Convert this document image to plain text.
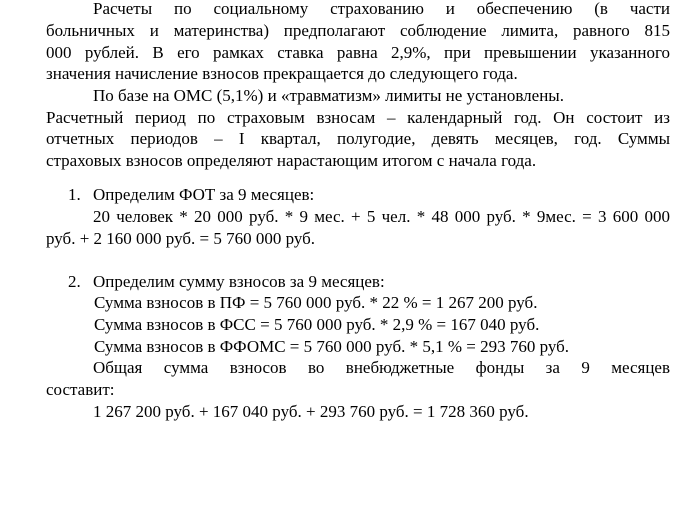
Расчеты по социальному страхованию и обеспечению (в части
больничных и материнства) предполагают соблюдение лимита, равного 815
000 рублей. В его рамках ставка равна 2,9%, при превышении указанного
значения начисление взносов прекращается до следующего года.
По базе на ОМС (5,1%) и «травматизм» лимиты не установлены.
Расчетный период по страховым взносам – календарный год. Он состоит из
отчетных периодов – I квартал, полугодие, девять месяцев, год. Суммы
страховых взносов определяют нарастающим итогом с начала года.
1. Определим ФОТ за 9 месяцев:
20 человек * 20 000 руб. * 9 мес. + 5 чел. * 48 000 руб. * 9мес. = 3 600 000
руб. + 2 160 000 руб. = 5 760 000 руб.
2. Определим сумму взносов за 9 месяцев:
Сумма взносов в ПФ = 5 760 000 руб. * 22 % = 1 267 200 руб.
Сумма взносов в ФСС = 5 760 000 руб. * 2,9 % = 167 040 руб.
Сумма взносов в ФФОМС = 5 760 000 руб. * 5,1 % = 293 760 руб.
Общая сумма взносов во внебюджетные фонды за 9 месяцев
составит:
1 267 200 руб. + 167 040 руб. + 293 760 руб. = 1 728 360 руб.
